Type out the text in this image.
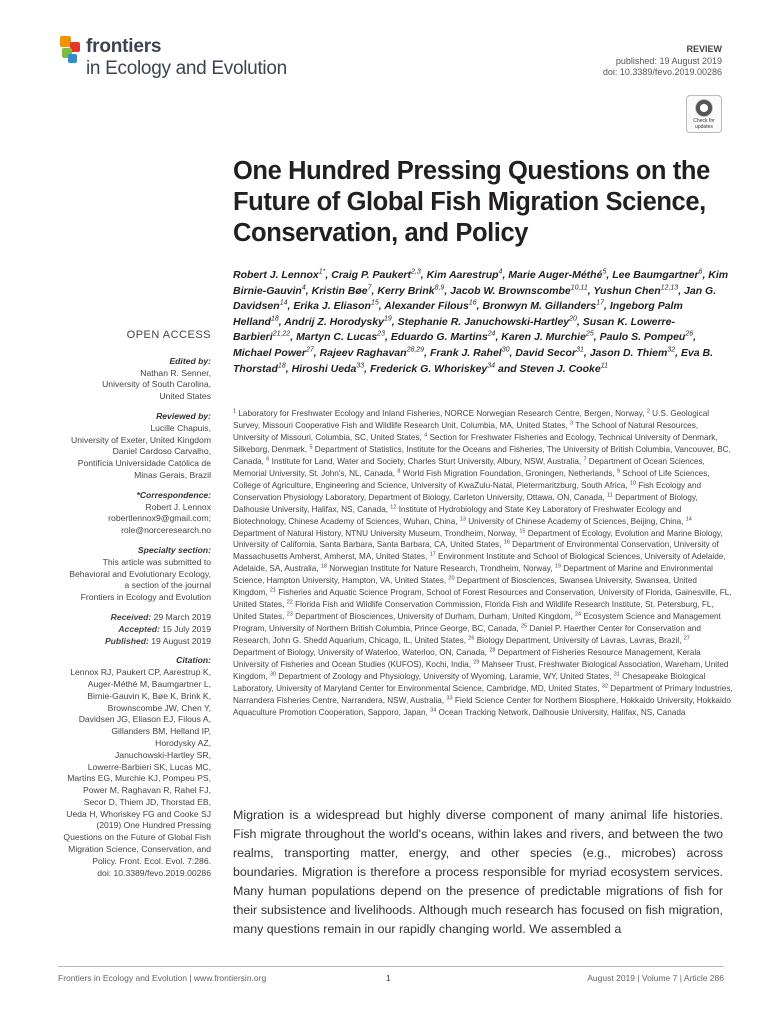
frontiers
in Ecology and Evolution
REVIEW
published: 19 August 2019
doi: 10.3389/fevo.2019.00286
Check for updates
One Hundred Pressing Questions on the Future of Global Fish Migration Science, Conservation, and Policy
Robert J. Lennox$^{1*}$, Craig P. Paukert$^{2,3}$, Kim Aarestrup$^4$, Marie Auger-Méthé$^5$, Lee Baumgartner$^6$, Kim Birnie-Gauvin$^4$, Kristin Bøe$^7$, Kerry Brink$^{8,9}$, Jacob W. Brownscombe$^{10,11}$, Yushun Chen$^{12,13}$, Jan G. Davidsen$^{14}$, Erika J. Eliason$^{15}$, Alexander Filous$^{16}$, Bronwyn M. Gillanders$^{17}$, Ingeborg Palm Helland$^{18}$, Andrij Z. Horodysky$^{19}$, Stephanie R. Januchowski-Hartley$^{20}$, Susan K. Lowerre-Barbieri$^{21,22}$, Martyn C. Lucas$^{23}$, Eduardo G. Martins$^{24}$, Karen J. Murchie$^{25}$, Paulo S. Pompeu$^{26}$, Michael Power$^{27}$, Rajeev Raghavan$^{28,29}$, Frank J. Rahel$^{30}$, David Secor$^{31}$, Jason D. Thiem$^{32}$, Eva B. Thorstad$^{18}$, Hiroshi Ueda$^{33}$, Frederick G. Whoriskey$^{34}$ and Steven J. Cooke$^{11}$
$^1$ Laboratory for Freshwater Ecology and Inland Fisheries, NORCE Norwegian Research Centre, Bergen, Norway, $^2$ U.S. Geological Survey, Missouri Cooperative Fish and Wildlife Research Unit, Columbia, MA, United States, $^3$ The School of Natural Resources, University of Missouri, Columbia, SC, United States, $^4$ Section for Freshwater Fisheries and Ecology, Technical University of Denmark, Silkeborg, Denmark, $^5$ Department of Statistics, Institute for the Oceans and Fisheries, The University of British Columbia, Vancouver, BC, Canada, $^6$ Institute for Land, Water and Society, Charles Sturt University, Albury, NSW, Australia, $^7$ Department of Ocean Sciences, Memorial University, St. John's, NL, Canada, $^8$ World Fish Migration Foundation, Groningen, Netherlands, $^9$ School of Life Sciences, College of Agriculture, Engineering and Science, University of KwaZulu-Natal, Pietermaritzburg, South Africa, $^{10}$ Fish Ecology and Conservation Physiology Laboratory, Department of Biology, Carleton University, Ottawa, ON, Canada, $^{11}$ Department of Biology, Dalhousie University, Halifax, NS, Canada, $^{12}$ Institute of Hydrobiology and State Key Laboratory of Freshwater Ecology and Biotechnology, Chinese Academy of Sciences, Wuhan, China, $^{13}$ University of Chinese Academy of Sciences, Beijing, China, $^{14}$ Department of Natural History, NTNU University Museum, Trondheim, Norway, $^{15}$ Department of Ecology, Evolution and Marine Biology, University of California, Santa Barbara, Santa Barbara, CA, United States, $^{16}$ Department of Environmental Conservation, University of Massachusetts Amherst, Amherst, MA, United States, $^{17}$ Environment Institute and School of Biological Sciences, University of Adelaide, Adelaide, SA, Australia, $^{18}$ Norwegian Institute for Nature Research, Trondheim, Norway, $^{19}$ Department of Marine and Environmental Science, Hampton University, Hampton, VA, United States, $^{20}$ Department of Biosciences, Swansea University, Swansea, United Kingdom, $^{21}$ Fisheries and Aquatic Science Program, School of Forest Resources and Conservation, University of Florida, Gainesville, FL, United States, $^{22}$ Florida Fish and Wildlife Conservation Commission, Florida Fish and Wildlife Research Institute, St. Petersburg, FL, United States, $^{23}$ Department of Biosciences, University of Durham, Durham, United Kingdom, $^{24}$ Ecosystem Science and Management Program, University of Northern British Columbia, Prince George, BC, Canada, $^{25}$ Daniel P. Haerther Center for Conservation and Research, John G. Shedd Aquarium, Chicago, IL, United States, $^{26}$ Biology Department, University of Lavras, Lavras, Brazil, $^{27}$ Department of Biology, University of Waterloo, Waterloo, ON, Canada, $^{28}$ Department of Fisheries Resource Management, Kerala University of Fisheries and Ocean Studies (KUFOS), Kochi, India, $^{29}$ Mahseer Trust, Freshwater Biological Association, Wareham, United Kingdom, $^{30}$ Department of Zoology and Physiology, University of Wyoming, Laramie, WY, United States, $^{31}$ Chesapeake Biological Laboratory, University of Maryland Center for Environmental Science, Cambridge, MD, United States, $^{32}$ Department of Primary Industries, Narrandera Fisheries Centre, Narrandera, NSW, Australia, $^{33}$ Field Science Center for Northern Biosphere, Hokkaido University, Hokkaido Aquaculture Promotion Cooperation, Sapporo, Japan, $^{34}$ Ocean Tracking Network, Dalhousie University, Halifax, NS, Canada
OPEN ACCESS
Edited by:
Nathan R. Senner,
University of South Carolina,
United States
Reviewed by:
Lucille Chapuis,
University of Exeter, United Kingdom
Daniel Cardoso Carvalho,
Pontifícia Universidade Católica de
Minas Gerais, Brazil
*Correspondence:
Robert J. Lennox
robertlennox9@gmail.com;
role@norceresearch.no
Specialty section:
This article was submitted to
Behavioral and Evolutionary Ecology,
a section of the journal
Frontiers in Ecology and Evolution
Received: 29 March 2019
Accepted: 15 July 2019
Published: 19 August 2019
Citation:
Lennox RJ, Paukert CP, Aarestrup K,
Auger-Méthé M, Baumgartner L,
Birnie-Gauvin K, Bøe K, Brink K,
Brownscombe JW, Chen Y,
Davidsen JG, Eliason EJ, Filous A,
Gillanders BM, Helland IP,
Horodysky AZ,
Januchowski-Hartley SR,
Lowerre-Barbieri SK, Lucas MC,
Martins EG, Murchie KJ, Pompeu PS,
Power M, Raghavan R, Rahel FJ,
Secor D, Thiem JD, Thorstad EB,
Ueda H, Whoriskey FG and Cooke SJ
(2019) One Hundred Pressing
Questions on the Future of Global Fish
Migration Science, Conservation, and
Policy. Front. Ecol. Evol. 7:286.
doi: 10.3389/fevo.2019.00286
Migration is a widespread but highly diverse component of many animal life histories. Fish migrate throughout the world's oceans, within lakes and rivers, and between the two realms, transporting matter, energy, and other species (e.g., microbes) across boundaries. Migration is therefore a process responsible for myriad ecosystem services. Many human populations depend on the presence of predictable migrations of fish for their subsistence and livelihoods. Although much research has focused on fish migration, many questions remain in our rapidly changing world. We assembled a
Frontiers in Ecology and Evolution | www.frontiersin.org	1	August 2019 | Volume 7 | Article 286
